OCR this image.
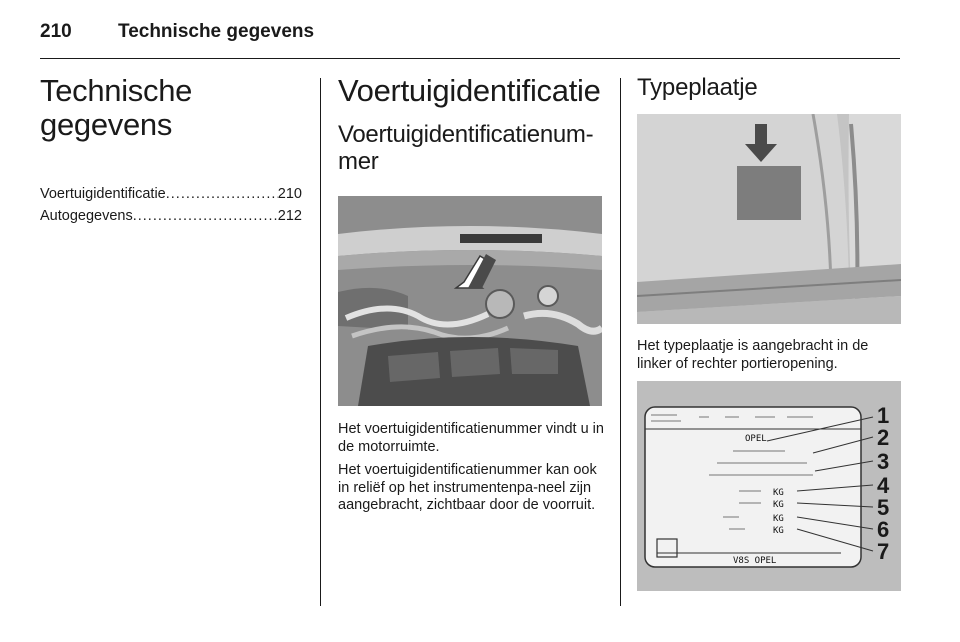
210 Technische gegevens
Technische gegevens
Voertuigidentificatie .....	210
Autogegevens .....	212
Voertuigidentificatie
Voertuigidentificatienum-mer

Het voertuigidentificatienummer vindt u in de motorruimte.

Het voertuigidentificatienummer kan ook in reliëf op het instrumentenpa-neel zijn aangebracht, zichtbaar door de voorruit.

Typeplaatje

Het typeplaatje is aangebracht in de linker of rechter portieropening.

OPEL
KG
KG
KG
KG
V8S OPEL
1
2
3
4
5
6
7
